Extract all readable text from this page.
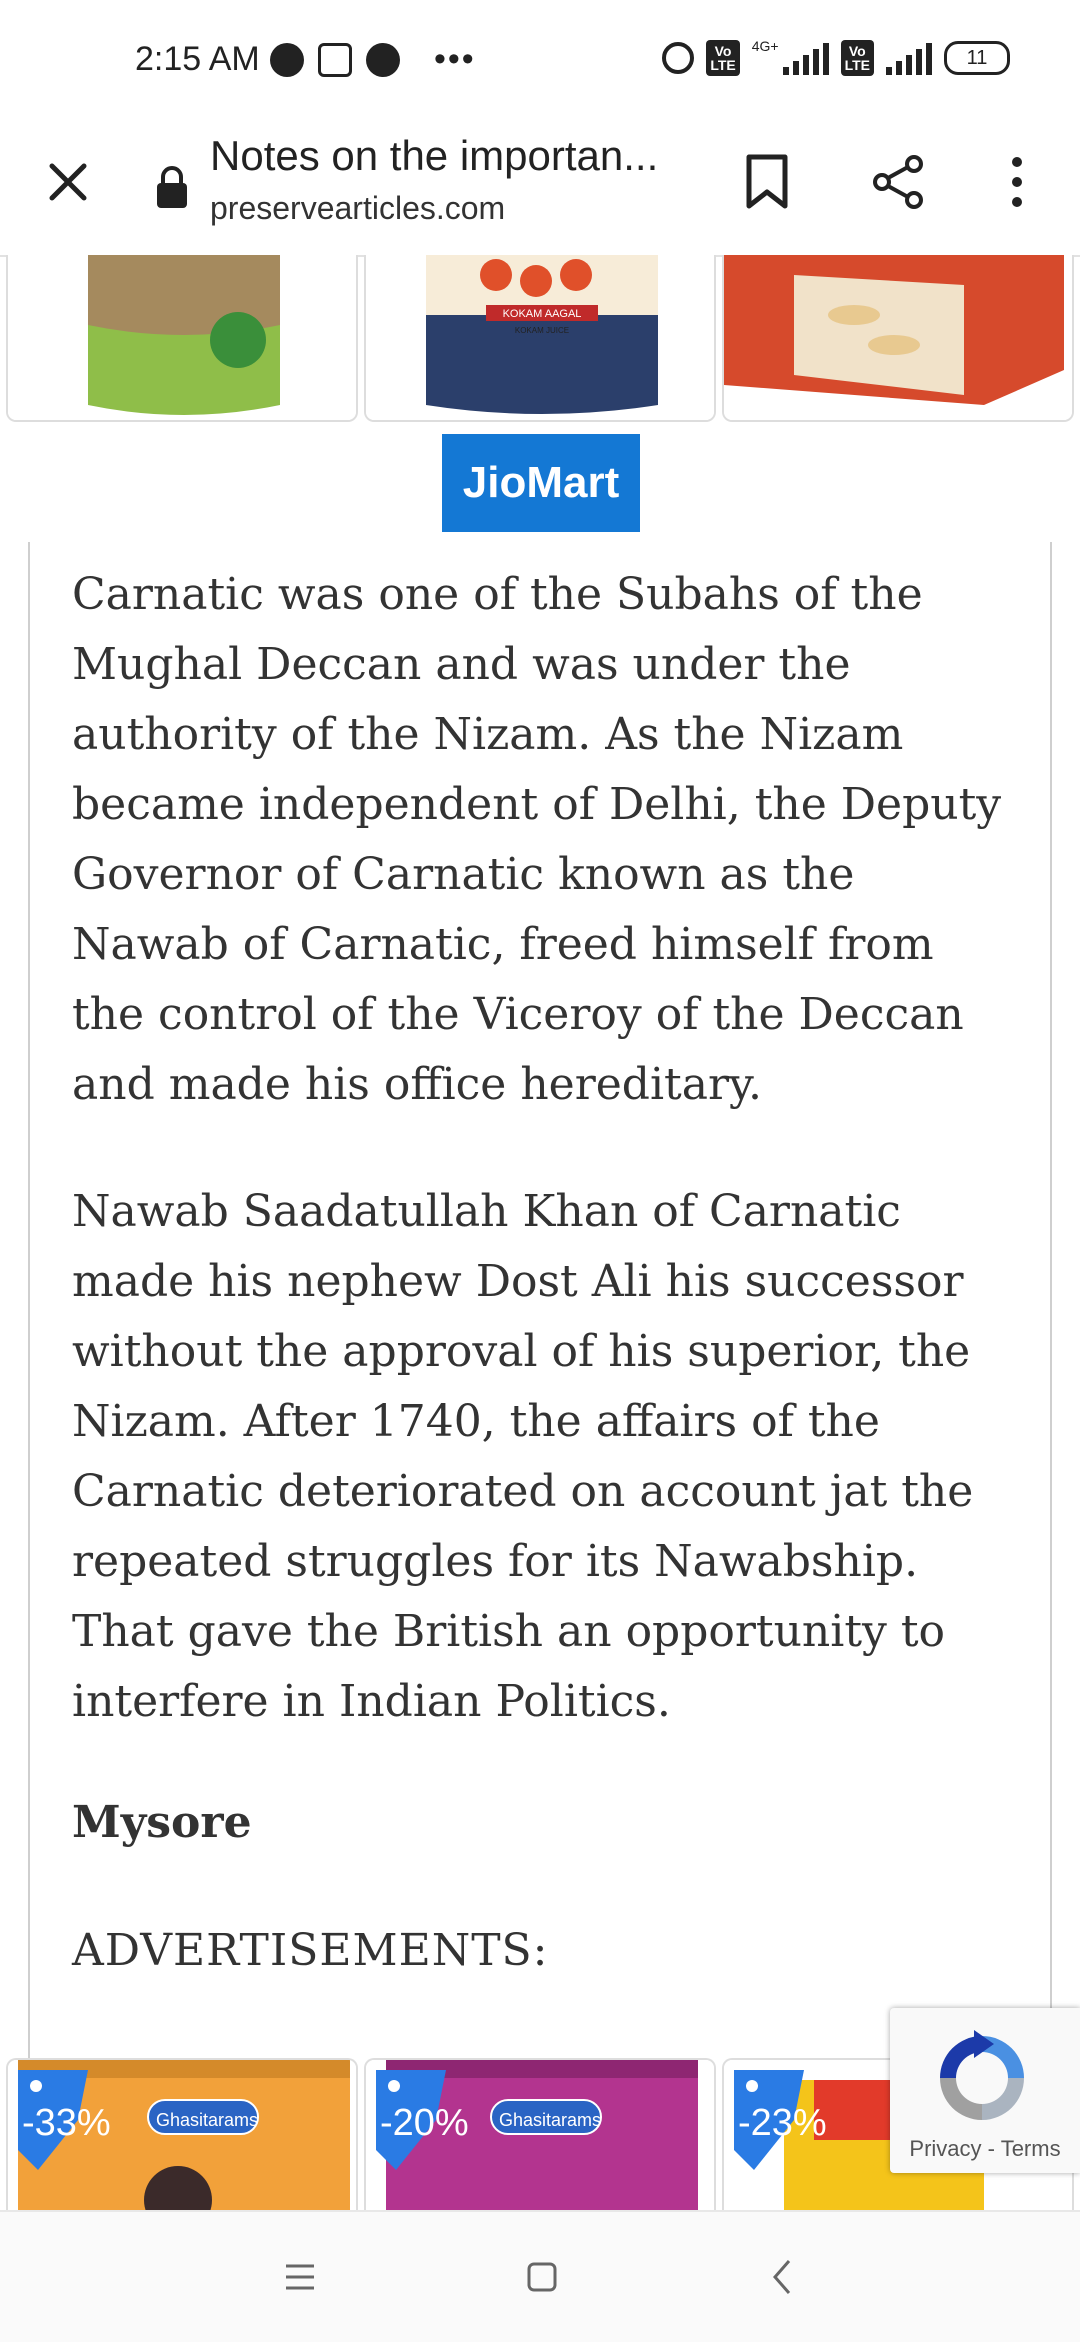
2:15 AM	•••	Vo
LTE
4G+	Vo
LTE	11
Notes on the importan...
preservearticles.com
KOKAM AAGAL
KOKAM JUICE
JioMart

Carnatic was one of the Subahs of the Mughal Deccan and was under the authority of the Nizam. As the Nizam became independent of Delhi, the Deputy Governor of Carnatic known as the Nawab of Carnatic, freed himself from the control of the Viceroy of the Deccan and made his office hereditary.

Nawab Saadatullah Khan of Carnatic made his nephew Dost Ali his successor without the approval of his superior, the Nizam. After 1740, the affairs of the Carnatic deteriorated on account jat the repeated struggles for its Nawabship. That gave the British an opportunity to interfere in Indian Politics.

Mysore
ADVERTISEMENTS:
-33%	Ghasitarams	-20% Ghasitarams	-23%
Privacy - Terms
